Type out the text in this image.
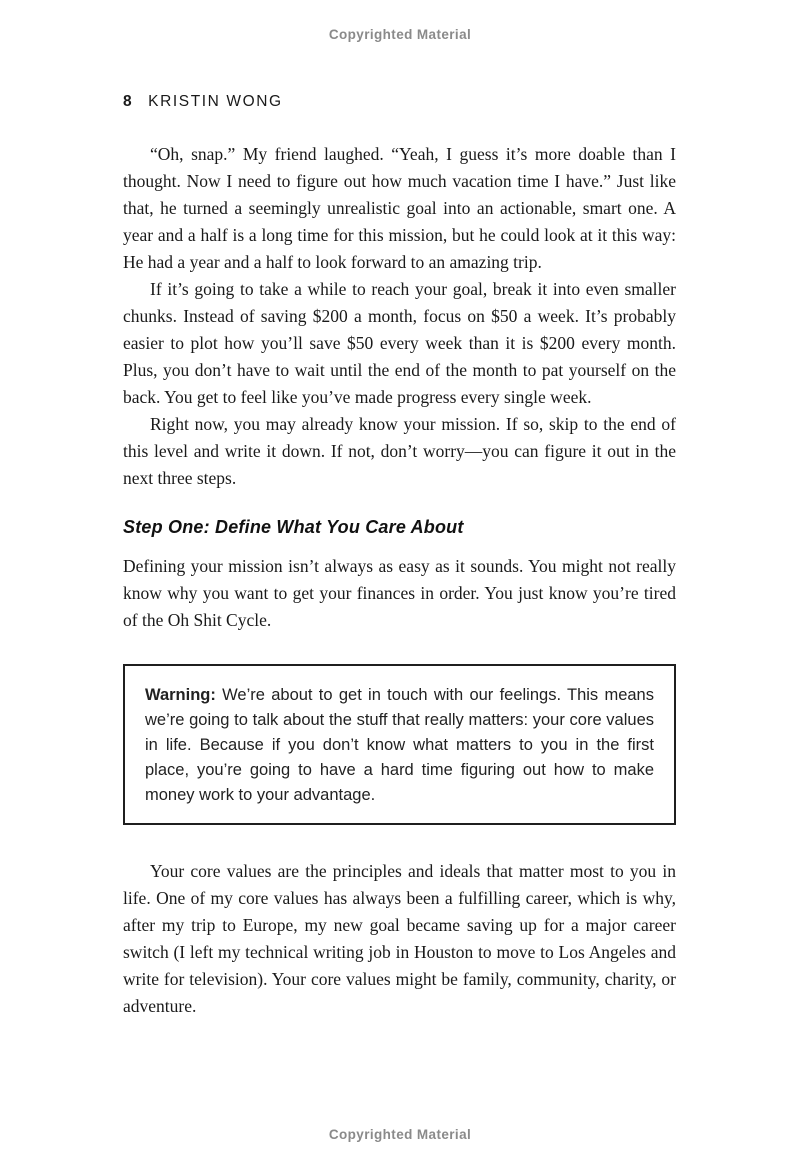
Copyrighted Material
8 KRISTIN WONG

“Oh, snap.” My friend laughed. “Yeah, I guess it’s more doable than I thought. Now I need to figure out how much vacation time I have.” Just like that, he turned a seemingly unrealistic goal into an actionable, smart one. A year and a half is a long time for this mission, but he could look at it this way: He had a year and a half to look forward to an amazing trip.

If it’s going to take a while to reach your goal, break it into even smaller chunks. Instead of saving $200 a month, focus on $50 a week. It’s probably easier to plot how you’ll save $50 every week than it is $200 every month. Plus, you don’t have to wait until the end of the month to pat yourself on the back. You get to feel like you’ve made progress every single week.

Right now, you may already know your mission. If so, skip to the end of this level and write it down. If not, don’t worry—you can figure it out in the next three steps.

Step One: Define What You Care About

Defining your mission isn’t always as easy as it sounds. You might not really know why you want to get your finances in order. You just know you’re tired of the Oh Shit Cycle.

Warning: We’re about to get in touch with our feelings. This means we’re going to talk about the stuff that really matters: your core values in life. Because if you don’t know what matters to you in the first place, you’re going to have a hard time figuring out how to make money work to your advantage.

Your core values are the principles and ideals that matter most to you in life. One of my core values has always been a fulfilling career, which is why, after my trip to Europe, my new goal became saving up for a major career switch (I left my technical writing job in Houston to move to Los Angeles and write for television). Your core values might be family, community, charity, or adventure.

Copyrighted Material
